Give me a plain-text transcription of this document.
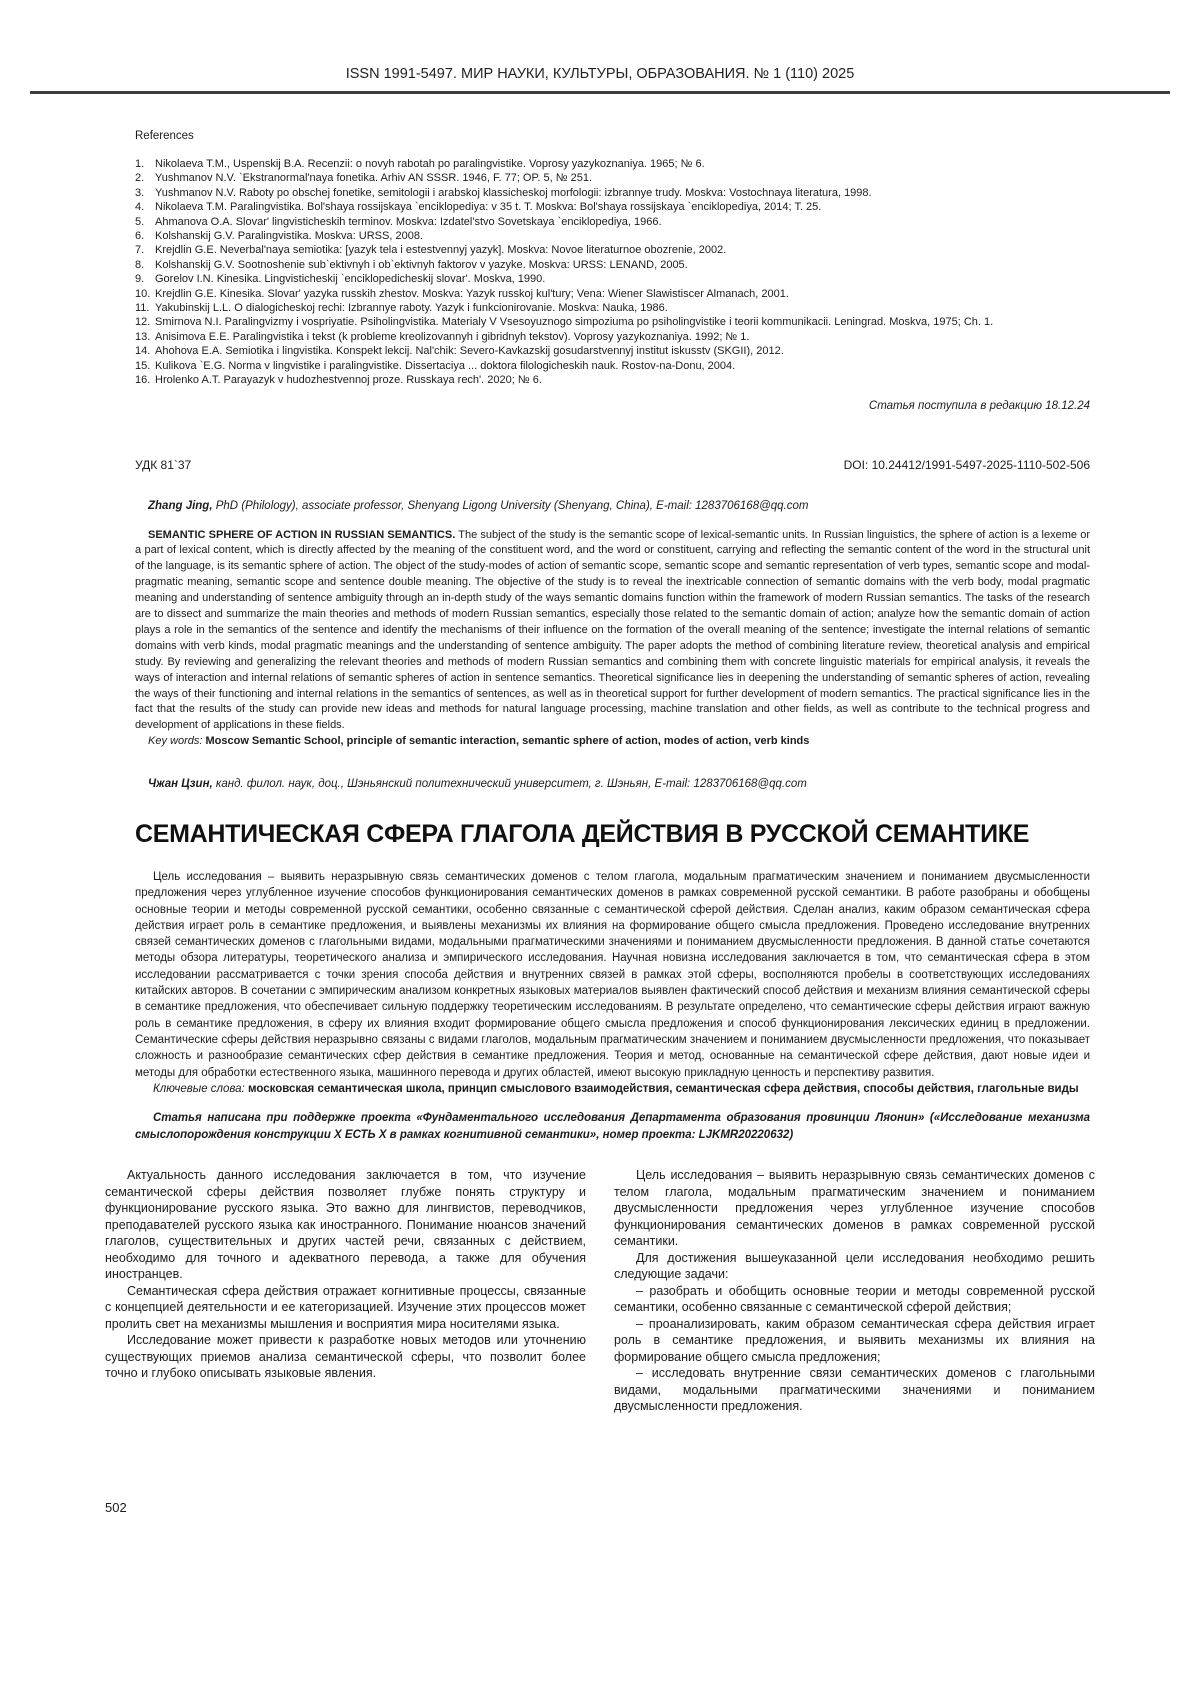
ISSN 1991-5497. МИР НАУКИ, КУЛЬТУРЫ, ОБРАЗОВАНИЯ. № 1 (110) 2025
References
1. Nikolaeva T.M., Uspenskij B.A. Recenzii: o novyh rabotah po paralingvistike. Voprosy yazykoznaniya. 1965; № 6.
2. Yushmanov N.V. `Ekstranormal'naya fonetika. Arhiv AN SSSR. 1946, F. 77; OP. 5, № 251.
3. Yushmanov N.V. Raboty po obschej fonetike, semitologii i arabskoj klassicheskoj morfologii: izbrannye trudy. Moskva: Vostochnaya literatura, 1998.
4. Nikolaeva T.M. Paralingvistika. Bol'shaya rossijskaya `enciklopediya: v 35 t. T. Moskva: Bol'shaya rossijskaya `enciklopediya, 2014; T. 25.
5. Ahmanova O.A. Slovar' lingvisticheskih terminov. Moskva: Izdatel'stvo Sovetskaya `enciklopediya, 1966.
6. Kolshanskij G.V. Paralingvistika. Moskva: URSS, 2008.
7. Krejdlin G.E. Neverbal'naya semiotika: [yazyk tela i estestvennyj yazyk]. Moskva: Novoe literaturnoe obozrenie, 2002.
8. Kolshanskij G.V. Sootnoshenie sub`ektivnyh i ob`ektivnyh faktorov v yazyke. Moskva: URSS: LENAND, 2005.
9. Gorelov I.N. Kinesika. Lingvisticheskij `enciklopedicheskij slovar'. Moskva, 1990.
10. Krejdlin G.E. Kinesika. Slovar' yazyka russkih zhestov. Moskva: Yazyk russkoj kul'tury; Vena: Wiener Slawistiscer Almanach, 2001.
11. Yakubinskij L.L. O dialogicheskoj rechi: Izbrannye raboty. Yazyk i funkcionirovanie. Moskva: Nauka, 1986.
12. Smirnova N.I. Paralingvizmy i vospriyatie. Psiholingvistika. Materialy V Vsesoyuznogo simpoziuma po psiholingvistike i teorii kommunikacii. Leningrad. Moskva, 1975; Ch. 1.
13. Anisimova E.E. Paralingvistika i tekst (k probleme kreolizovannyh i gibridnyh tekstov). Voprosy yazykoznaniya. 1992; № 1.
14. Ahohova E.A. Semiotika i lingvistika. Konspekt lekcij. Nal'chik: Severo-Kavkazskij gosudarstvennyj institut iskusstv (SKGII), 2012.
15. Kulikova `E.G. Norma v lingvistike i paralingvistike. Dissertaciya ... doktora filologicheskih nauk. Rostov-na-Donu, 2004.
16. Hrolenko A.T. Parayazyk v hudozhestvennoj proze. Russkaya rech'. 2020; № 6.
Статья поступила в редакцию 18.12.24
УДК 81`37	DOI: 10.24412/1991-5497-2025-1110-502-506

Zhang Jing, PhD (Philology), associate professor, Shenyang Ligong University (Shenyang, China), E-mail: 1283706168@qq.com

SEMANTIC SPHERE OF ACTION IN RUSSIAN SEMANTICS. The subject of the study is the semantic scope of lexical-semantic units. In Russian linguistics, the sphere of action is a lexeme or a part of lexical content, which is directly affected by the meaning of the constituent word, and the word or constituent, carrying and reflecting the semantic content of the word in the structural unit of the language, is its semantic sphere of action. The object of the study-modes of action of semantic scope, semantic scope and semantic representation of verb types, semantic scope and modal-pragmatic meaning, semantic scope and sentence double meaning. The objective of the study is to reveal the inextricable connection of semantic domains with the verb body, modal pragmatic meaning and understanding of sentence ambiguity through an in-depth study of the ways semantic domains function within the framework of modern Russian semantics. The tasks of the research are to dissect and summarize the main theories and methods of modern Russian semantics, especially those related to the semantic domain of action; analyze how the semantic domain of action plays a role in the semantics of the sentence and identify the mechanisms of their influence on the formation of the overall meaning of the sentence; investigate the internal relations of semantic domains with verb kinds, modal pragmatic meanings and the understanding of sentence ambiguity. The paper adopts the method of combining literature review, theoretical analysis and empirical study. By reviewing and generalizing the relevant theories and methods of modern Russian semantics and combining them with concrete linguistic materials for empirical analysis, it reveals the ways of interaction and internal relations of semantic spheres of action in sentence semantics. Theoretical significance lies in deepening the understanding of semantic spheres of action, revealing the ways of their functioning and internal relations in the semantics of sentences, as well as in theoretical support for further development of modern semantics. The practical significance lies in the fact that the results of the study can provide new ideas and methods for natural language processing, machine translation and other fields, as well as contribute to the technical progress and development of applications in these fields.

Key words: Moscow Semantic School, principle of semantic interaction, semantic sphere of action, modes of action, verb kinds

Чжан Цзин, канд. филол. наук, доц., Шэньянский политехнический университет, г. Шэньян, E-mail: 1283706168@qq.com

СЕМАНТИЧЕСКАЯ СФЕРА ГЛАГОЛА ДЕЙСТВИЯ В РУССКОЙ СЕМАНТИКЕ

Цель исследования – выявить неразрывную связь семантических доменов с телом глагола, модальным прагматическим значением и пониманием двусмысленности предложения через углубленное изучение способов функционирования семантических доменов в рамках современной русской семантики. В работе разобраны и обобщены основные теории и методы современной русской семантики, особенно связанные с семантической сферой действия. Сделан анализ, каким образом семантическая сфера действия играет роль в семантике предложения, и выявлены механизмы их влияния на формирование общего смысла предложения. Проведено исследование внутренних связей семантических доменов с глагольными видами, модальными прагматическими значениями и пониманием двусмысленности предложения. В данной статье сочетаются методы обзора литературы, теоретического анализа и эмпирического исследования. Научная новизна исследования заключается в том, что семантическая сфера в этом исследовании рассматривается с точки зрения способа действия и внутренних связей в рамках этой сферы, восполняются пробелы в соответствующих исследованиях китайских авторов. В сочетании с эмпирическим анализом конкретных языковых материалов выявлен фактический способ действия и механизм влияния семантической сферы в семантике предложения, что обеспечивает сильную поддержку теоретическим исследованиям. В результате определено, что семантические сферы действия играют важную роль в семантике предложения, в сферу их влияния входит формирование общего смысла предложения и способ функционирования лексических единиц в предложении. Семантические сферы действия неразрывно связаны с видами глаголов, модальным прагматическим значением и пониманием двусмысленности предложения, что показывает сложность и разнообразие семантических сфер действия в семантике предложения. Теория и метод, основанные на семантической сфере действия, дают новые идеи и методы для обработки естественного языка, машинного перевода и других областей, имеют высокую прикладную ценность и перспективу развития.

Ключевые слова: московская семантическая школа, принцип смыслового взаимодействия, семантическая сфера действия, способы действия, глагольные виды

Статья написана при поддержке проекта «Фундаментального исследования Департамента образования провинции Ляонин» («Исследование механизма смыслопорождения конструкции X ЕСТЬ X в рамках когнитивной семантики», номер проекта: LJKMR20220632)

Актуальность данного исследования заключается в том, что изучение семантической сферы действия позволяет глубже понять структуру и функционирование русского языка. Это важно для лингвистов, переводчиков, преподавателей русского языка как иностранного. Понимание нюансов значений глаголов, существительных и других частей речи, связанных с действием, необходимо для точного и адекватного перевода, а также для обучения иностранцев.

Семантическая сфера действия отражает когнитивные процессы, связанные с концепцией деятельности и ее категоризацией. Изучение этих процессов может пролить свет на механизмы мышления и восприятия мира носителями языка.

Исследование может привести к разработке новых методов или уточнению существующих приемов анализа семантической сферы, что позволит более точно и глубоко описывать языковые явления.

Цель исследования – выявить неразрывную связь семантических доменов с телом глагола, модальным прагматическим значением и пониманием двусмысленности предложения через углубленное изучение способов функционирования семантических доменов в рамках современной русской семантики.

Для достижения вышеуказанной цели исследования необходимо решить следующие задачи:

– разобрать и обобщить основные теории и методы современной русской семантики, особенно связанные с семантической сферой действия;

– проанализировать, каким образом семантическая сфера действия играет роль в семантике предложения, и выявить механизмы их влияния на формирование общего смысла предложения;

– исследовать внутренние связи семантических доменов с глагольными видами, модальными прагматическими значениями и пониманием двусмысленности предложения.

502
